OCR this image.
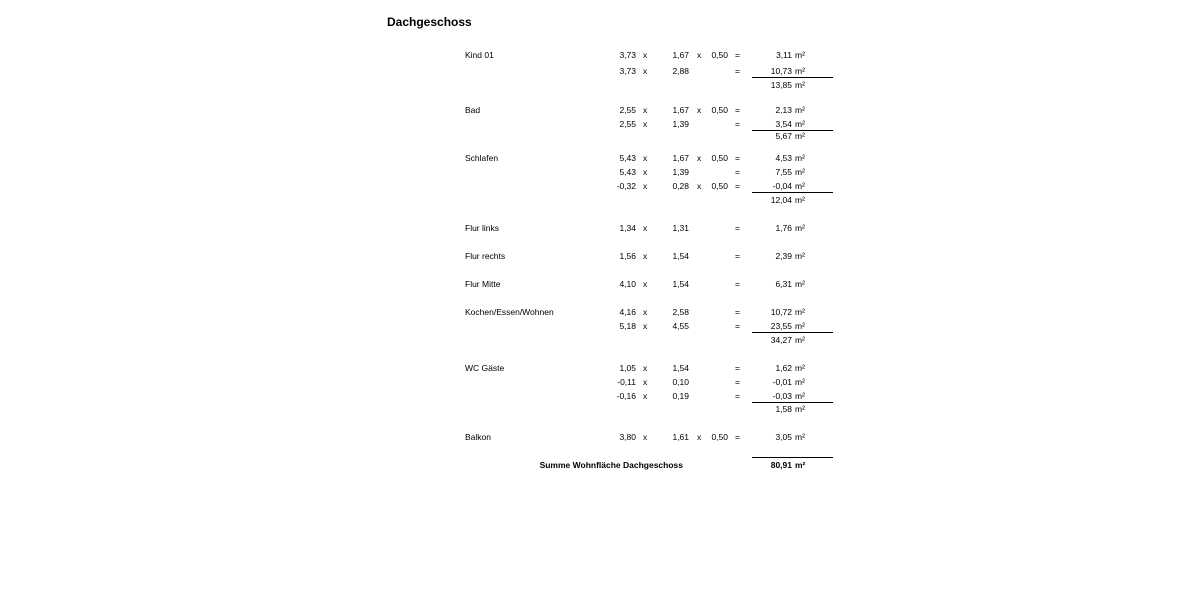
Dachgeschoss
Kind 01	3,73 x	1,67 x 0,50 =	3,11 m²
3,73 x	2,88	=	10,73 m²
13,85 m²
Bad	2,55 x	1,67 x 0,50 =	2,13 m²
2,55 x	1,39	=	3,54 m²
5,67 m²
Schlafen	5,43 x	1,67 x 0,50 =	4,53 m²
5,43 x	1,39	=	7,55 m²
-0,32 x	0,28 x 0,50 =	-0,04 m²
12,04 m²
Flur links	1,34 x	1,31	=	1,76 m²
Flur rechts	1,56 x	1,54	=	2,39 m²
Flur Mitte	4,10 x	1,54	=	6,31 m²
Kochen/Essen/Wohnen	4,16 x	2,58	=	10,72 m²
5,18 x	4,55	=	23,55 m²
34,27 m²
WC Gäste	1,05 x	1,54	=	1,62 m²
-0,11 x	0,10	=	-0,01 m²
-0,16 x	0,19	=	-0,03 m²
1,58 m²
Balkon	3,80 x	1,61 x 0,50 =	3,05 m²
Summe Wohnfläche Dachgeschoss	80,91 m²
